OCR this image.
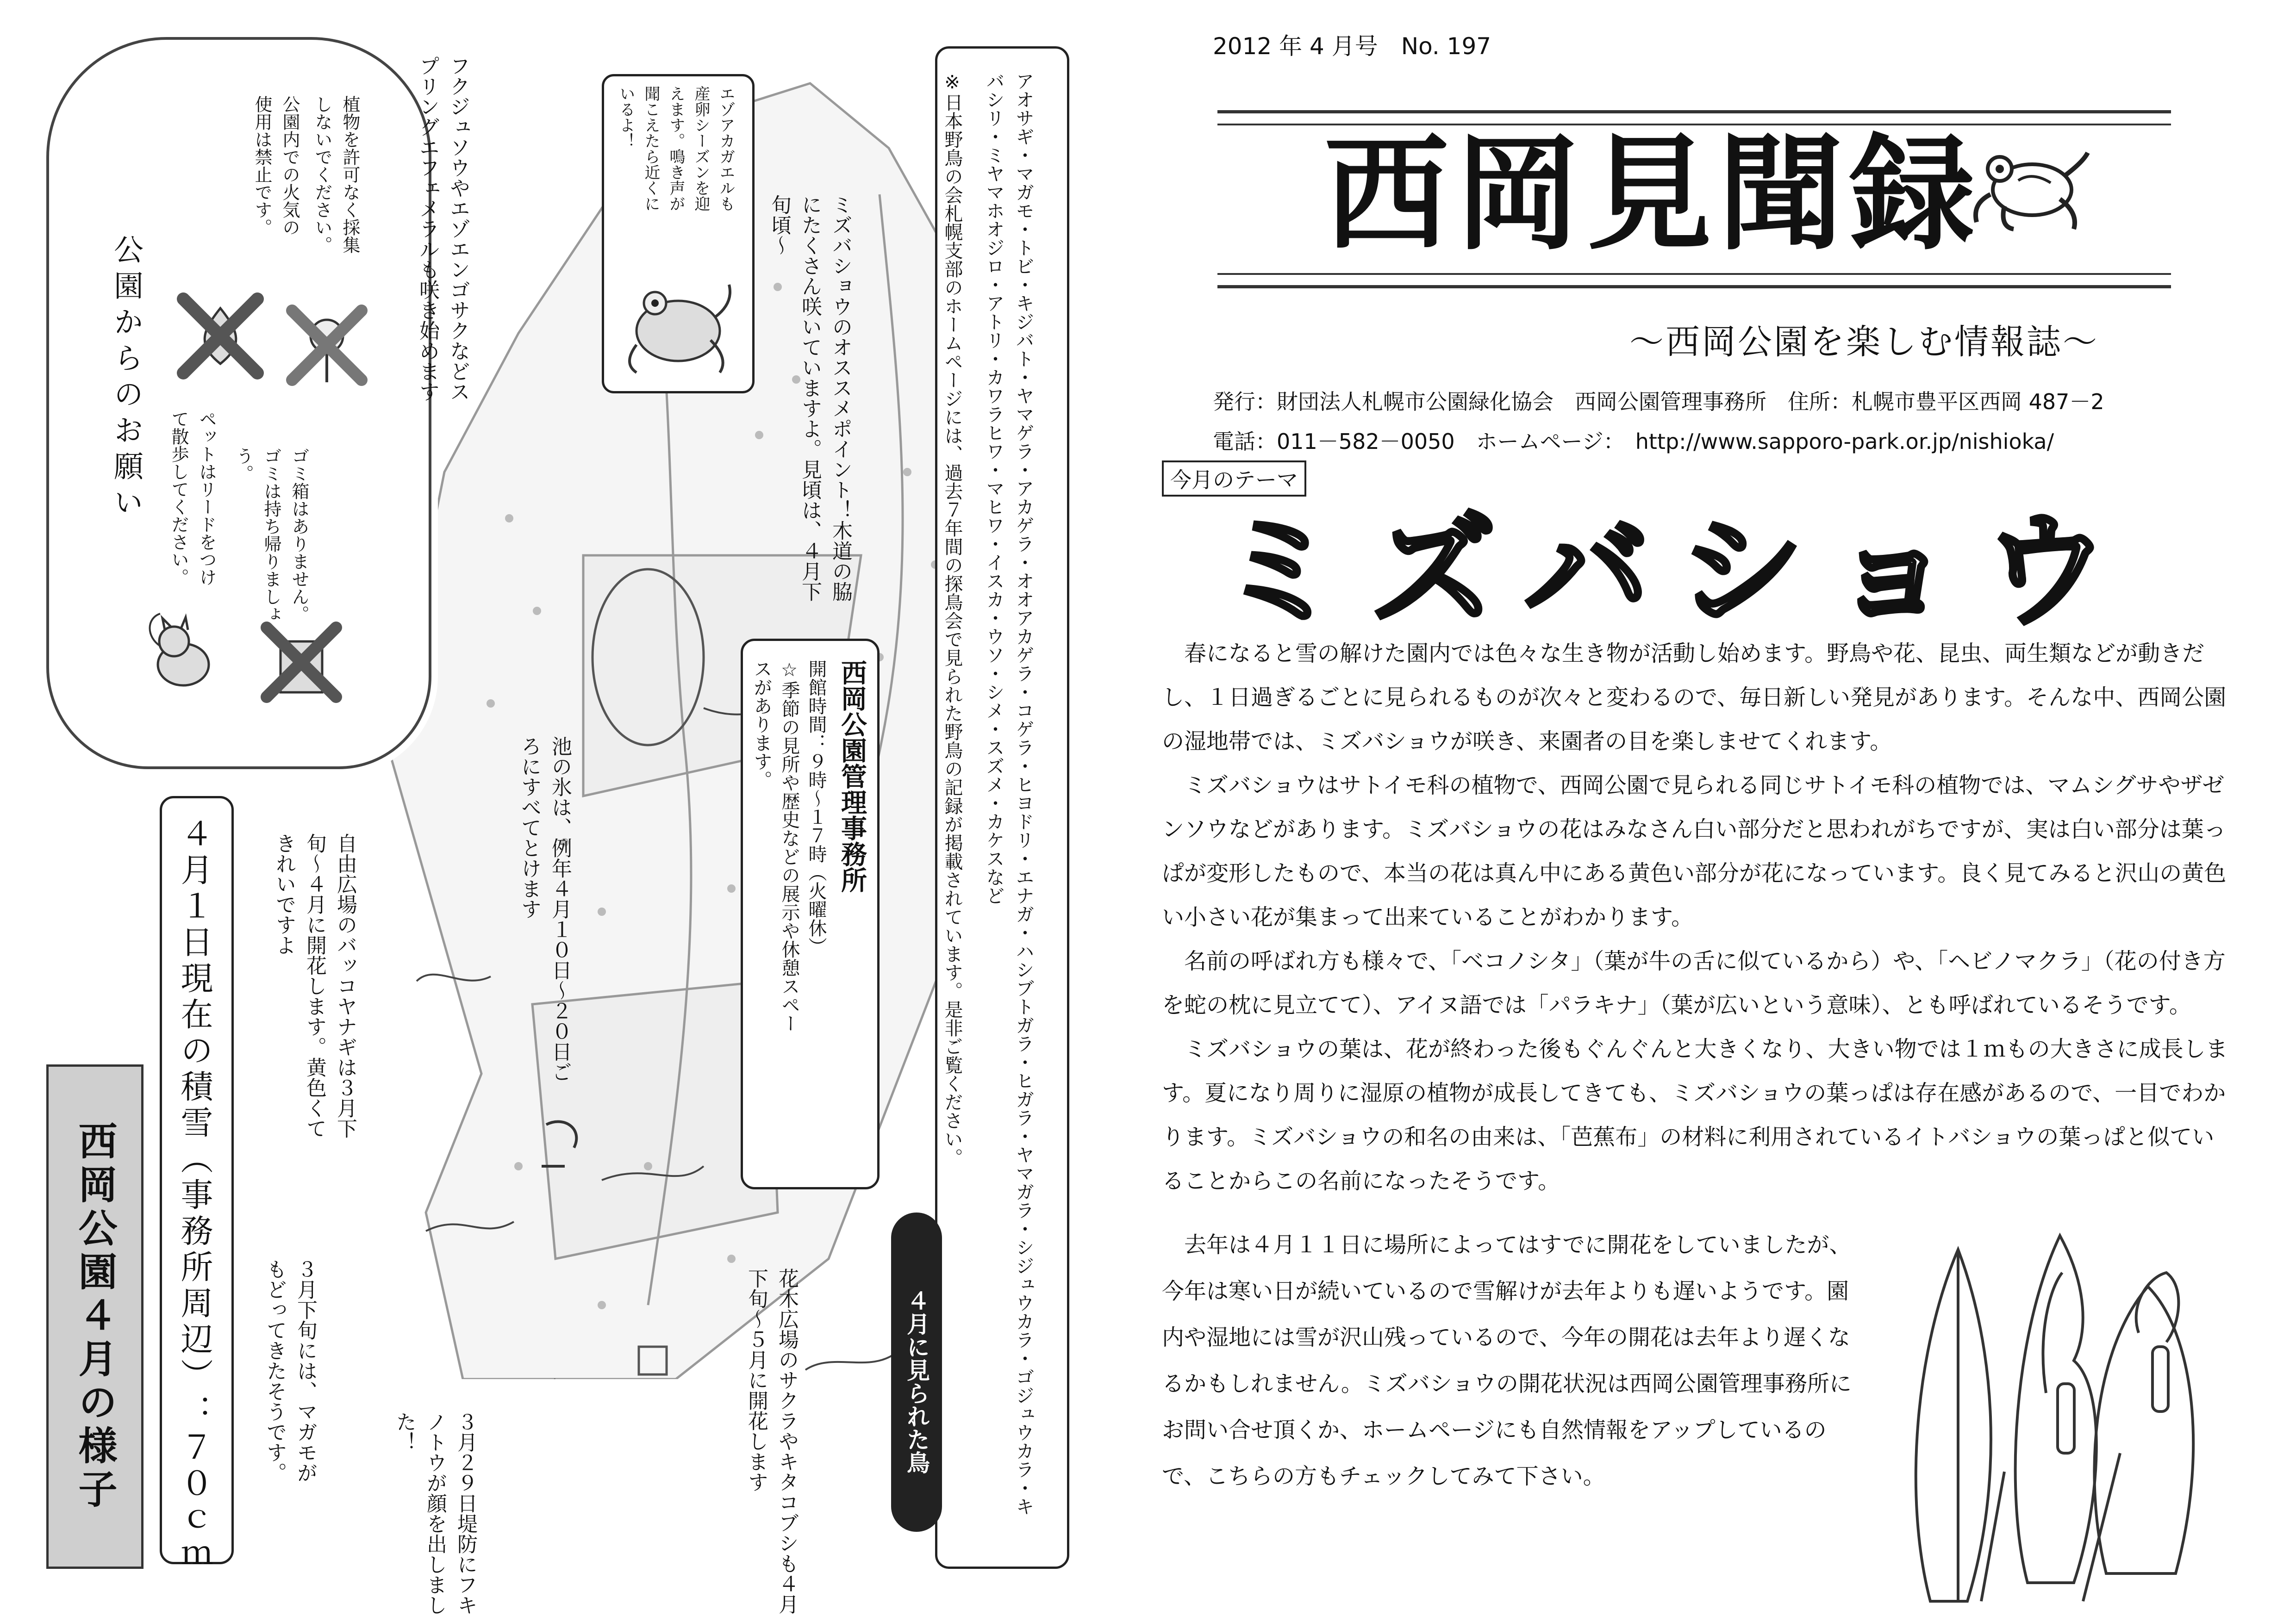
2012 年 4 月号　No. 197
西岡見聞録
～西岡公園を楽しむ情報誌～
発行：財団法人札幌市公園緑化協会　西岡公園管理事務所　住所：札幌市豊平区西岡 487－2
電話：011－582－0050　ホームページ：　http://www.sapporo-park.or.jp/nishioka/
今月のテーマ
ミズバショウ

春になると雪の解けた園内では色々な生き物が活動し始めます。野鳥や花、昆虫、両生類などが動きだし、１日過ぎるごとに見られるものが次々と変わるので、毎日新しい発見があります。そんな中、西岡公園の湿地帯では、ミズバショウが咲き、来園者の目を楽しませてくれます。

ミズバショウはサトイモ科の植物で、西岡公園で見られる同じサトイモ科の植物では、マムシグサやザゼンソウなどがあります。ミズバショウの花はみなさん白い部分だと思われがちですが、実は白い部分は葉っぱが変形したもので、本当の花は真ん中にある黄色い部分が花になっています。良く見てみると沢山の黄色い小さい花が集まって出来ていることがわかります。

名前の呼ばれ方も様々で、「ベコノシタ」（葉が牛の舌に似ているから）や、「ヘビノマクラ」（花の付き方を蛇の枕に見立てて）、アイヌ語では「パラキナ」（葉が広いという意味）、とも呼ばれているそうです。

ミズバショウの葉は、花が終わった後もぐんぐんと大きくなり、大きい物では１ｍもの大きさに成長します。夏になり周りに湿原の植物が成長してきても、ミズバショウの葉っぱは存在感があるので、一目でわかります。ミズバショウの和名の由来は、「芭蕉布」の材料に利用されているイトバショウの葉っぱと似ていることからこの名前になったそうです。

去年は４月１１日に場所によってはすでに開花をしていましたが、今年は寒い日が続いているので雪解けが去年よりも遅いようです。園内や湿地には雪が沢山残っているので、今年の開花は去年より遅くなるかもしれません。ミズバショウの開花状況は西岡公園管理事務所にお問い合せ頂くか、ホームページにも自然情報をアップしているので、こちらの方もチェックしてみて下さい。

公園からのお願い	ペットはリードをつけて散歩してください。	ゴミ箱はありません。ゴミは持ち帰りましょう。
公園内での火気の使用は禁止です。	植物を許可なく採集しないでください。
西岡公園４月の様子	４月１日現在の積雪（事務所周辺）：７０ｃｍ
フクジュソウやエゾエンゴサクなどスプリングエフェメラルも咲き始めます	エゾアカガエルも産卵シーズンを迎えます。鳴き声が聞こえたら近くにいるよ！
ミズバショウのオススメポイント！木道の脇にたくさん咲いていますよ。見頃は、４月下旬頃～
池の氷は、例年４月１０日～２０日ごろにすべてとけます
自由広場のバッコヤナギは３月下旬～４月に開花します。黄色くてきれいですよ
３月下旬には、マガモがもどってきたそうです。
３月２９日堤防にフキノトウが顔を出しました！	花木広場のサクラやキタコブシも４月下旬～５月に開花します
西岡公園管理事務所
開館時間：９時～１７時（火曜休）
☆季節の見所や歴史などの展示や休憩スペースがあります。	アオサギ・マガモ・トビ・キジバト・ヤマゲラ・アカゲラ・オオアカゲラ・コゲラ・ヒヨドリ・エナガ・ハシブトガラ・ヒガラ・ヤマガラ・シジュウカラ・ゴジュウカラ・キバシリ・ミヤマホオジロ・アトリ・カワラヒワ・マヒワ・イスカ・ウソ・シメ・スズメ・カケスなど
※日本野鳥の会札幌支部のホームページには、過去７年間の探鳥会で見られた野鳥の記録が掲載されています。是非ご覧ください。
４月に見られた鳥
